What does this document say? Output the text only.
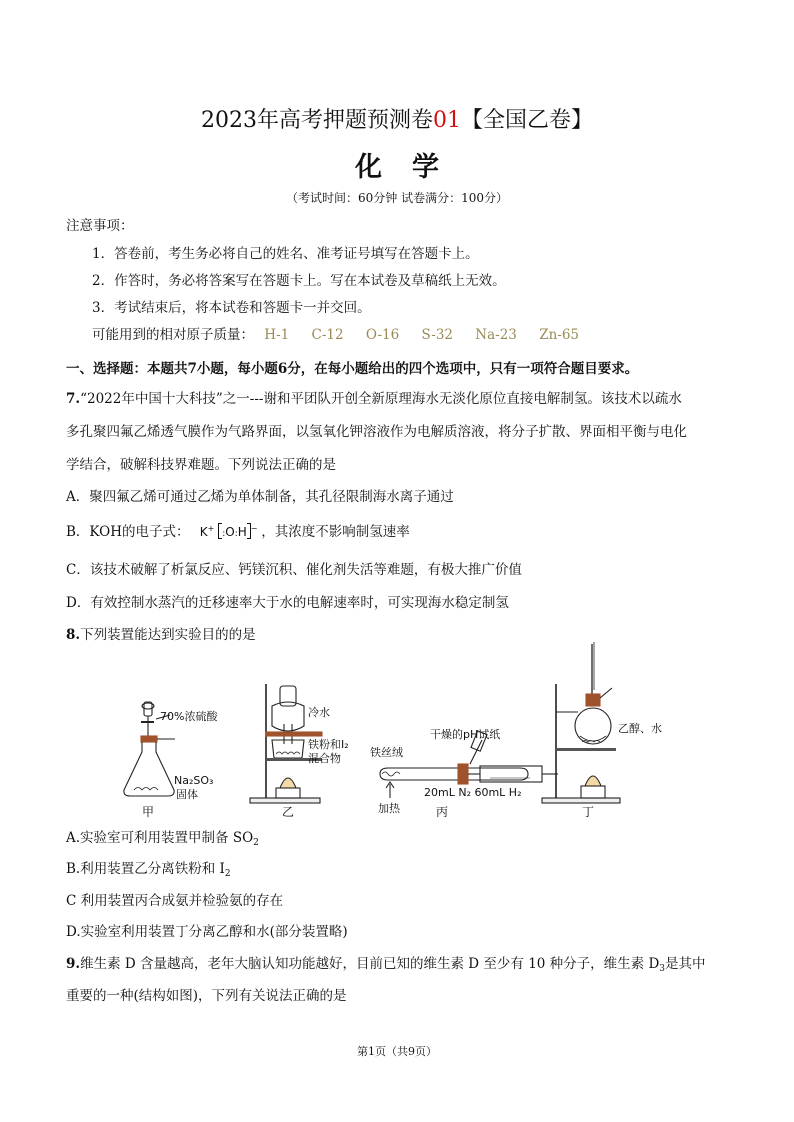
2023年高考押题预测卷01【全国乙卷】
化学
（考试时间：60分钟 试卷满分：100分）
注意事项：
1．答卷前，考生务必将自己的姓名、准考证号填写在答题卡上。
2．作答时，务必将答案写在答题卡上。写在本试卷及草稿纸上无效。
3．考试结束后，将本试卷和答题卡一并交回。
可能用到的相对原子质量： H-1 C-12 O-16 S-32 Na-23 Zn-65
一、选择题：本题共7小题，每小题6分，在每小题给出的四个选项中，只有一项符合题目要求。
7.“2022年中国十大科技”之一---谢和平团队开创全新原理海水无淡化原位直接电解制氢。该技术以疏水
多孔聚四氟乙烯透气膜作为气路界面，以氢氧化钾溶液作为电解质溶液，将分子扩散、界面相平衡与电化
学结合，破解科技界难题。下列说法正确的是
A．聚四氟乙烯可通过乙烯为单体制备，其孔径限制海水离子通过
B．KOH的电子式： K+ :O:H − ，其浓度不影响制氢速率
C．该技术破解了析氯反应、钙镁沉积、催化剂失活等难题，有极大推广价值
D．有效控制水蒸汽的迁移速率大于水的电解速率时，可实现海水稳定制氢
8.下列装置能达到实验目的的是
70%浓硫酸
Na₂SO₃
固体
甲
冷水
铁粉和I₂
混合物
乙
铁丝绒
干燥的pH试纸
加热
20mL N₂ 60mL H₂
丙
乙醇、水
丁
A.实验室可利用装置甲制备 $SO_2$
B.利用装置乙分离铁粉和 $I_2$
C 利用装置丙合成氨并检验氨的存在
D.实验室利用装置丁分离乙醇和水(部分装置略)
9.维生素 D 含量越高，老年大脑认知功能越好，目前已知的维生素 D 至少有 10 种分子，维生素 $D_3$是其中
重要的一种(结构如图)，下列有关说法正确的是
第1页（共9页）
